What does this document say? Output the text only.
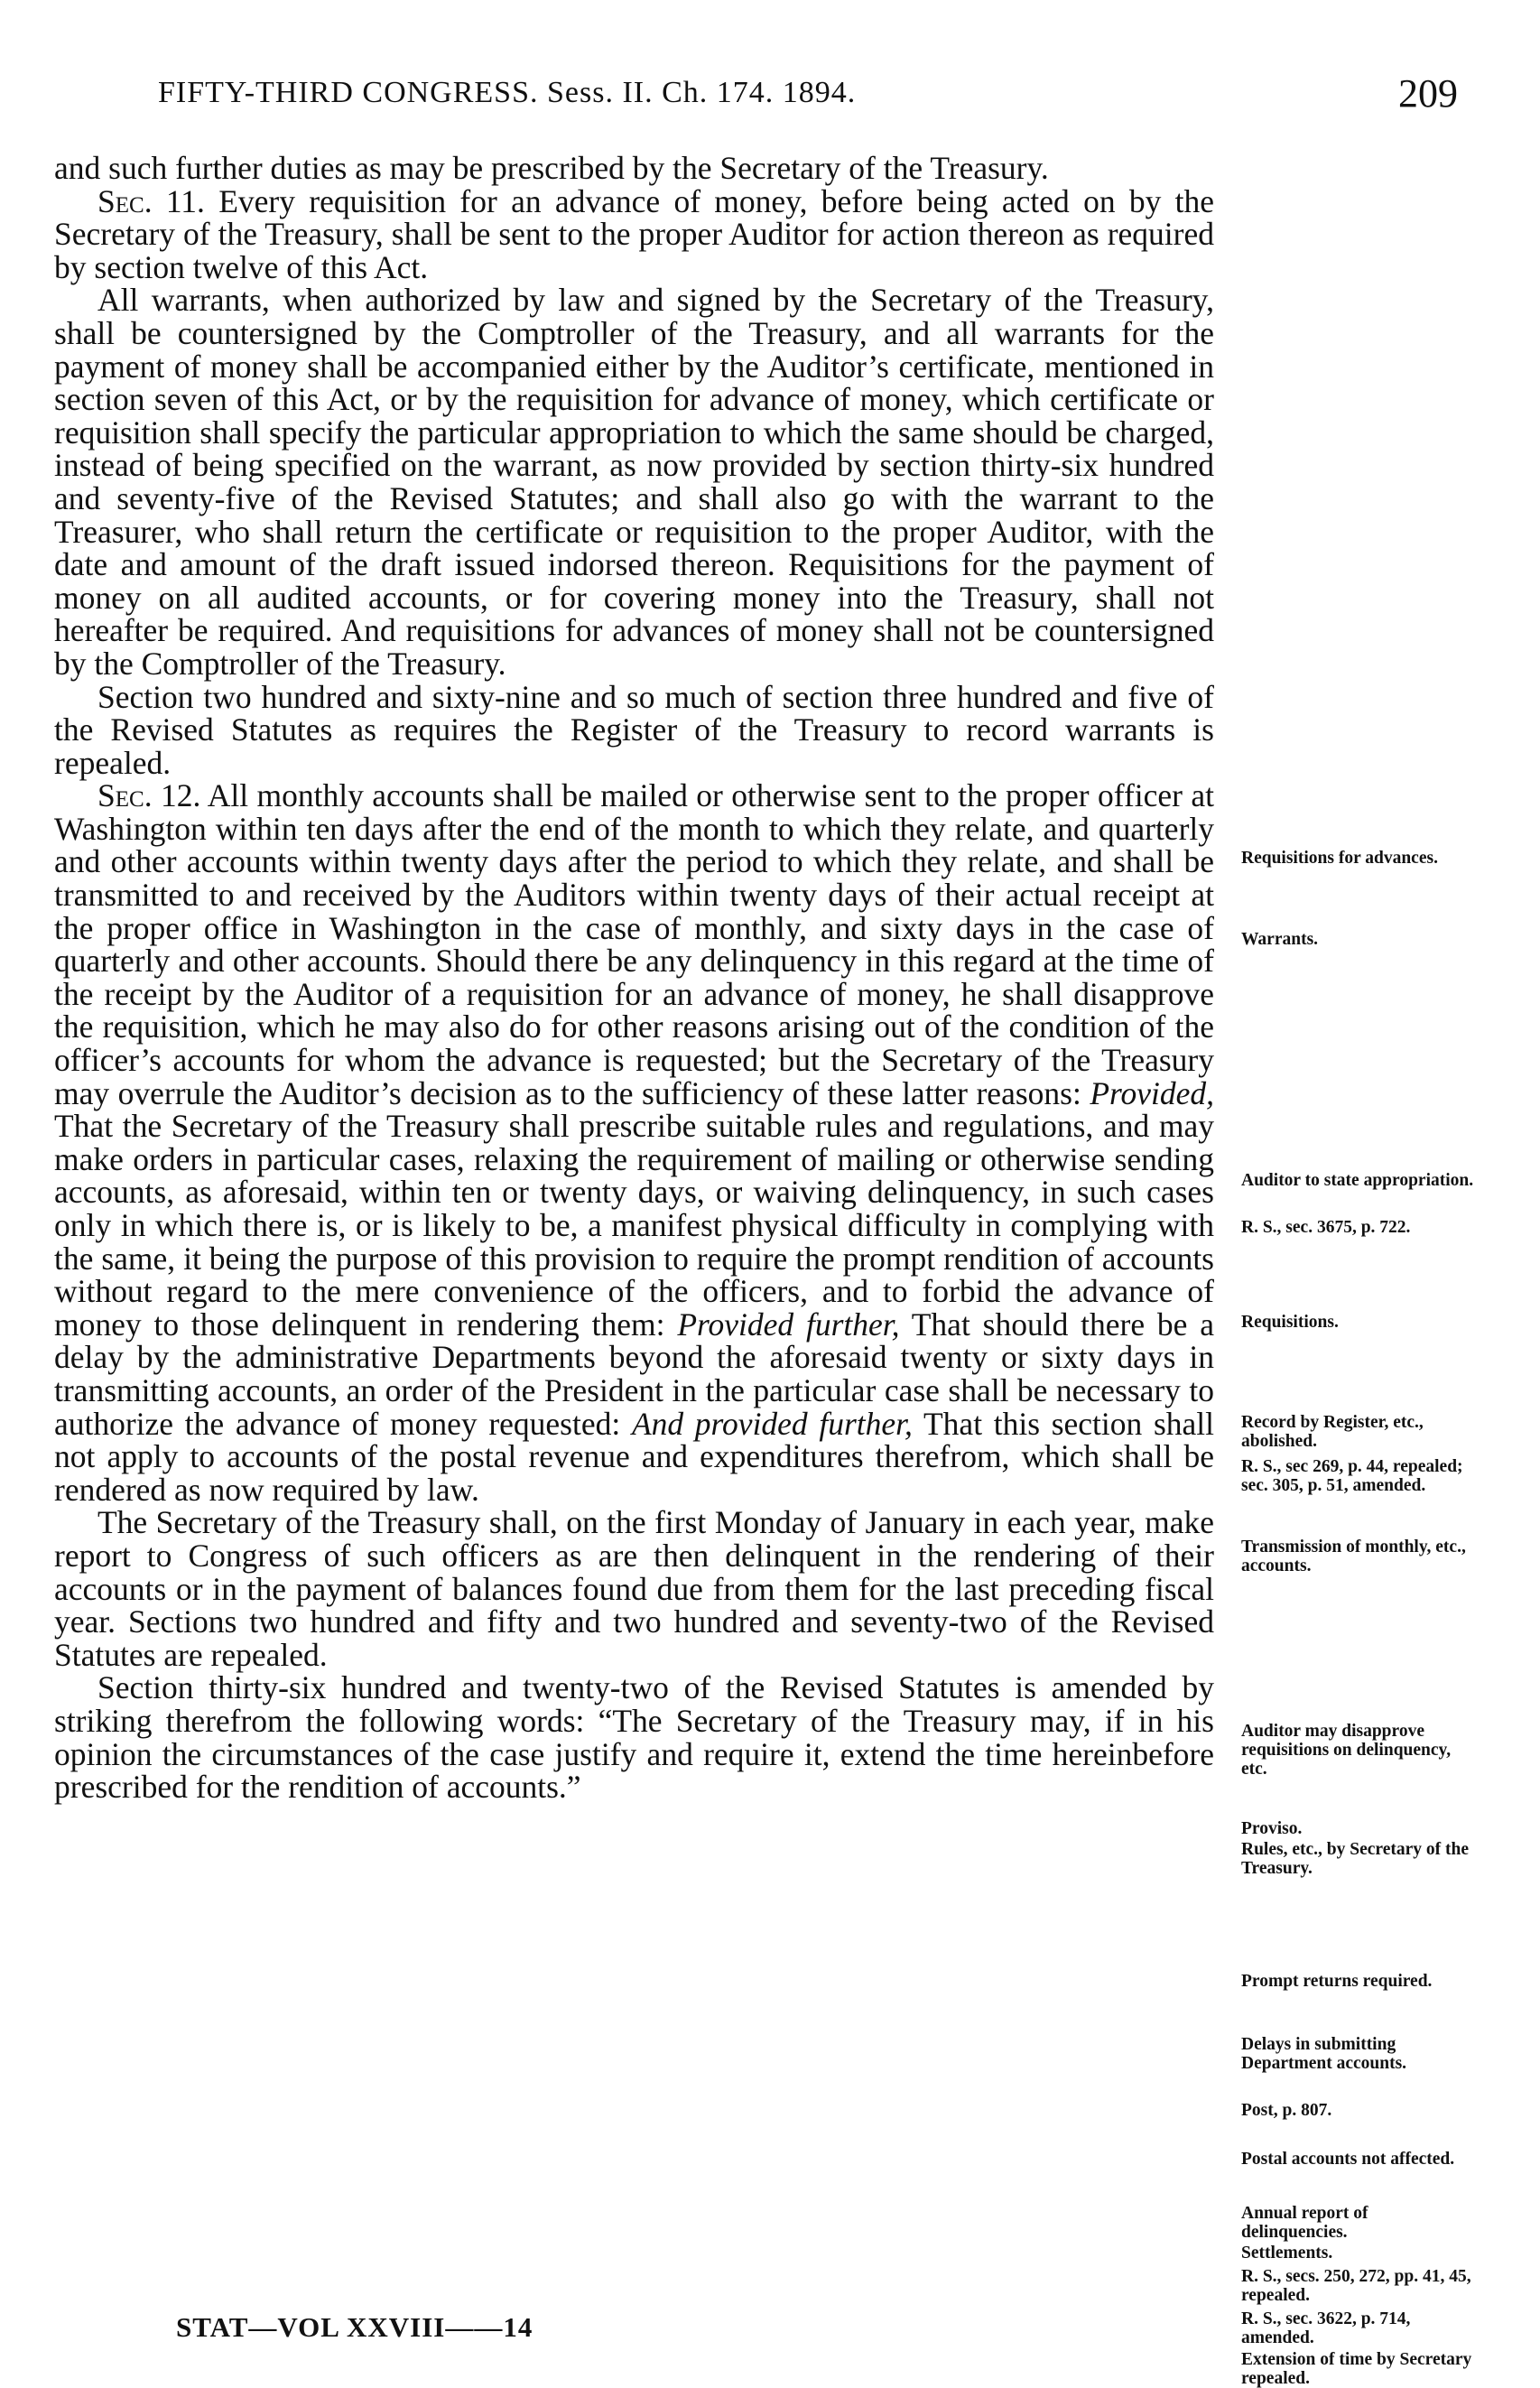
FIFTY-THIRD CONGRESS. Sess. II. Ch. 174. 1894.	209

and such further duties as may be prescribed by the Secretary of the Treasury.

Sec. 11. Every requisition for an advance of money, before being acted on by the Secretary of the Treasury, shall be sent to the proper Auditor for action thereon as required by section twelve of this Act.

All warrants, when authorized by law and signed by the Secretary of the Treasury, shall be countersigned by the Comptroller of the Treasury, and all warrants for the payment of money shall be accompanied either by the Auditor’s certificate, mentioned in section seven of this Act, or by the requisition for advance of money, which certificate or requisition shall specify the particular appropriation to which the same should be charged, instead of being specified on the warrant, as now provided by section thirty-six hundred and seventy-five of the Revised Statutes; and shall also go with the warrant to the Treasurer, who shall return the certificate or requisition to the proper Auditor, with the date and amount of the draft issued indorsed thereon. Requisitions for the payment of money on all audited accounts, or for covering money into the Treasury, shall not hereafter be required. And requisitions for advances of money shall not be countersigned by the Comptroller of the Treasury.

Section two hundred and sixty-nine and so much of section three hundred and five of the Revised Statutes as requires the Register of the Treasury to record warrants is repealed.

Sec. 12. All monthly accounts shall be mailed or otherwise sent to the proper officer at Washington within ten days after the end of the month to which they relate, and quarterly and other accounts within twenty days after the period to which they relate, and shall be transmitted to and received by the Auditors within twenty days of their actual receipt at the proper office in Washington in the case of monthly, and sixty days in the case of quarterly and other accounts. Should there be any delinquency in this regard at the time of the receipt by the Auditor of a requisition for an advance of money, he shall disapprove the requisition, which he may also do for other reasons arising out of the condition of the officer’s accounts for whom the advance is requested; but the Secretary of the Treasury may overrule the Auditor’s decision as to the sufficiency of these latter reasons: Provided, That the Secretary of the Treasury shall prescribe suitable rules and regulations, and may make orders in particular cases, relaxing the requirement of mailing or otherwise sending accounts, as aforesaid, within ten or twenty days, or waiving delinquency, in such cases only in which there is, or is likely to be, a manifest physical difficulty in complying with the same, it being the purpose of this provision to require the prompt rendition of accounts without regard to the mere convenience of the officers, and to forbid the advance of money to those delinquent in rendering them: Provided further, That should there be a delay by the administrative Departments beyond the aforesaid twenty or sixty days in transmitting accounts, an order of the President in the particular case shall be necessary to authorize the advance of money requested: And provided further, That this section shall not apply to accounts of the postal revenue and expenditures therefrom, which shall be rendered as now required by law.

The Secretary of the Treasury shall, on the first Monday of January in each year, make report to Congress of such officers as are then delinquent in the rendering of their accounts or in the payment of balances found due from them for the last preceding fiscal year. Sections two hundred and fifty and two hundred and seventy-two of the Revised Statutes are repealed.

Section thirty-six hundred and twenty-two of the Revised Statutes is amended by striking therefrom the following words: “The Secretary of the Treasury may, if in his opinion the circumstances of the case justify and require it, extend the time hereinbefore prescribed for the rendition of accounts.”

Requisitions for advances.
Warrants.
Auditor to state appropriation.
R. S., sec. 3675, p. 722.
Requisitions.
Record by Register, etc., abolished.
R. S., sec 269, p. 44, repealed; sec. 305, p. 51, amended.
Transmission of monthly, etc., accounts.
Auditor may disapprove requisitions on delinquency, etc.
Proviso.
Rules, etc., by Secretary of the Treasury.
Prompt returns required.
Delays in submitting Department accounts.
Post, p. 807.
Postal accounts not affected.
Annual report of delinquencies.
Settlements.
R. S., secs. 250, 272, pp. 41, 45, repealed.
R. S., sec. 3622, p. 714, amended.
Extension of time by Secretary repealed.
STAT—VOL XXVIII——14
